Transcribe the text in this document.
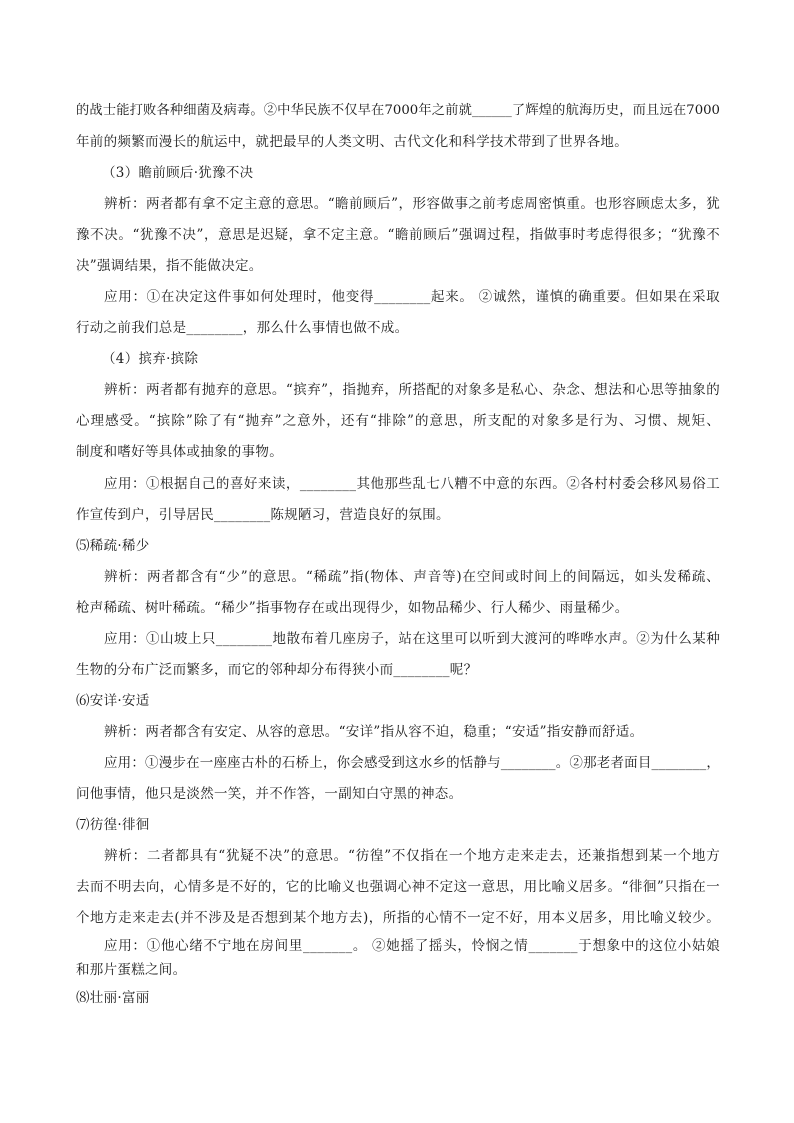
的战士能打败各种细菌及病毒。②中华民族不仅早在7000年之前就______了辉煌的航海历史，而且远在7000
年前的频繁而漫长的航运中，就把最早的人类文明、古代文化和科学技术带到了世界各地。
（3）瞻前顾后·犹豫不决
辨析：两者都有拿不定主意的意思。“瞻前顾后”，形容做事之前考虑周密慎重。也形容顾虑太多，犹
豫不决。“犹豫不决”，意思是迟疑，拿不定主意。“瞻前顾后”强调过程，指做事时考虑得很多；“犹豫不
决”强调结果，指不能做决定。
应用：①在决定这件事如何处理时，他变得________起来。 ②诚然，谨慎的确重要。但如果在采取
行动之前我们总是________，那么什么事情也做不成。
（4）摈弃·摈除
辨析：两者都有抛弃的意思。“摈弃”，指抛弃，所搭配的对象多是私心、杂念、想法和心思等抽象的
心理感受。“摈除”除了有“抛弃”之意外，还有“排除”的意思，所支配的对象多是行为、习惯、规矩、
制度和嗜好等具体或抽象的事物。
应用：①根据自己的喜好来读，________其他那些乱七八糟不中意的东西。②各村村委会移风易俗工
作宣传到户，引导居民________陈规陋习，营造良好的氛围。
⑸稀疏·稀少
辨析：两者都含有“少”的意思。“稀疏”指(物体、声音等)在空间或时间上的间隔远，如头发稀疏、
枪声稀疏、树叶稀疏。“稀少”指事物存在或出现得少，如物品稀少、行人稀少、雨量稀少。
应用：①山坡上只________地散布着几座房子，站在这里可以听到大渡河的哗哗水声。②为什么某种
生物的分布广泛而繁多，而它的邻种却分布得狭小而________呢？
⑹安详·安适
辨析：两者都含有安定、从容的意思。“安详”指从容不迫，稳重；“安适”指安静而舒适。
应用：①漫步在一座座古朴的石桥上，你会感受到这水乡的恬静与________。②那老者面目________，
问他事情，他只是淡然一笑，并不作答，一副知白守黑的神态。
⑺彷徨·徘徊
辨析：二者都具有“犹疑不决”的意思。“彷徨”不仅指在一个地方走来走去，还兼指想到某一个地方
去而不明去向，心情多是不好的，它的比喻义也强调心神不定这一意思，用比喻义居多。“徘徊”只指在一
个地方走来走去(并不涉及是否想到某个地方去)，所指的心情不一定不好，用本义居多，用比喻义较少。
应用：①他心绪不宁地在房间里_______。 ②她摇了摇头，怜悯之情_______于想象中的这位小姑娘
和那片蛋糕之间。
⑻壮丽·富丽
